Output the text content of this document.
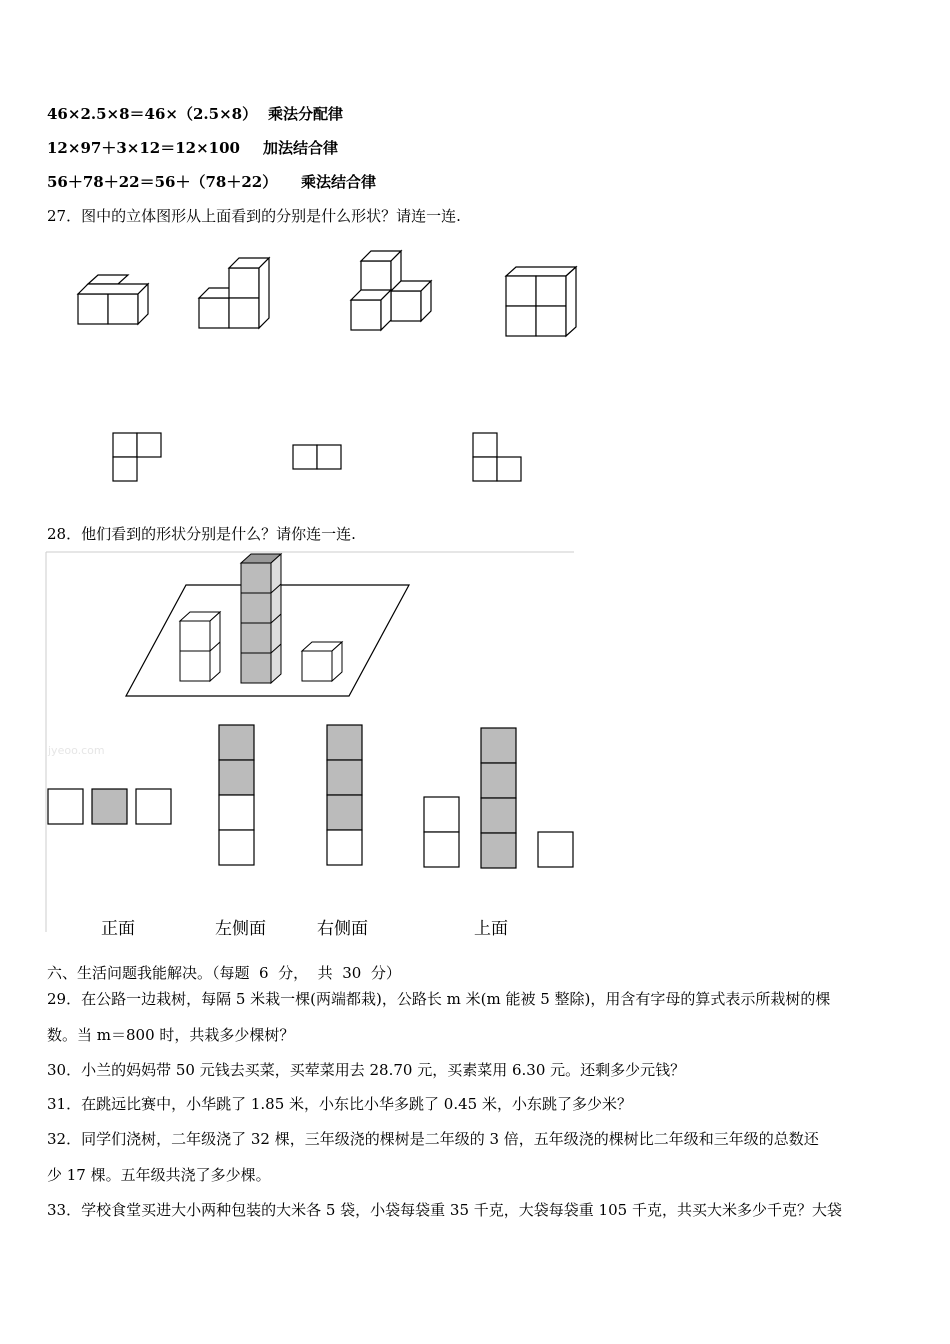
46×2.5×8＝46×（2.5×8） 乘法分配律
12×97＋3×12＝12×100 加法结合律
56＋78＋22＝56＋（78＋22） 乘法结合律
27．图中的立体图形从上面看到的分别是什么形状？请连一连.
28．他们看到的形状分别是什么？请你连一连.
jyeoo.com
正面	左侧面	右侧面	上面
六、生活问题我能解决。（每题  6  分，  共  30  分）
29．在公路一边栽树，每隔 5 米栽一棵(两端都栽)，公路长 m 米(m 能被 5 整除)，用含有字母的算式表示所栽树的棵
数。当 m＝800 时，共栽多少棵树？
30．小兰的妈妈带 50 元钱去买菜，买荤菜用去 28.70 元，买素菜用 6.30 元。还剩多少元钱？
31．在跳远比赛中，小华跳了 1.85 米，小东比小华多跳了 0.45 米，小东跳了多少米？
32．同学们浇树，二年级浇了 32 棵，三年级浇的棵树是二年级的 3 倍，五年级浇的棵树比二年级和三年级的总数还
少 17 棵。五年级共浇了多少棵。
33．学校食堂买进大小两种包装的大米各 5 袋，小袋每袋重 35 千克，大袋每袋重 105 千克，共买大米多少千克？大袋
